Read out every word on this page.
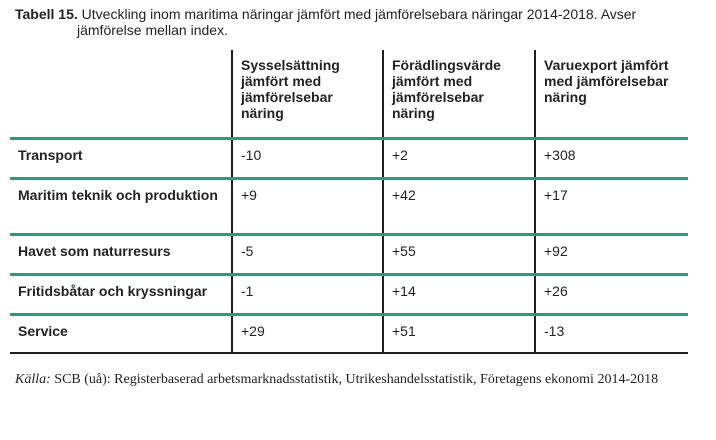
Tabell 15. Utveckling inom maritima näringar jämfört med jämförelsebara näringar 2014-2018. Avser
jämförelse mellan index.
	Sysselsättning jämfört med jämförelsebar näring	Förädlingsvärde jämfört med jämförelsebar näring	Varuexport jämfört med jämförelsebar näring
Transport	-10	+2	+308
Maritim teknik och produktion	+9	+42	+17
Havet som naturresurs	-5	+55	+92
Fritidsbåtar och kryssningar	-1	+14	+26
Service	+29	+51	-13
Källa: SCB (uå): Registerbaserad arbetsmarknadsstatistik, Utrikeshandelsstatistik, Företagens ekonomi 2014-2018
